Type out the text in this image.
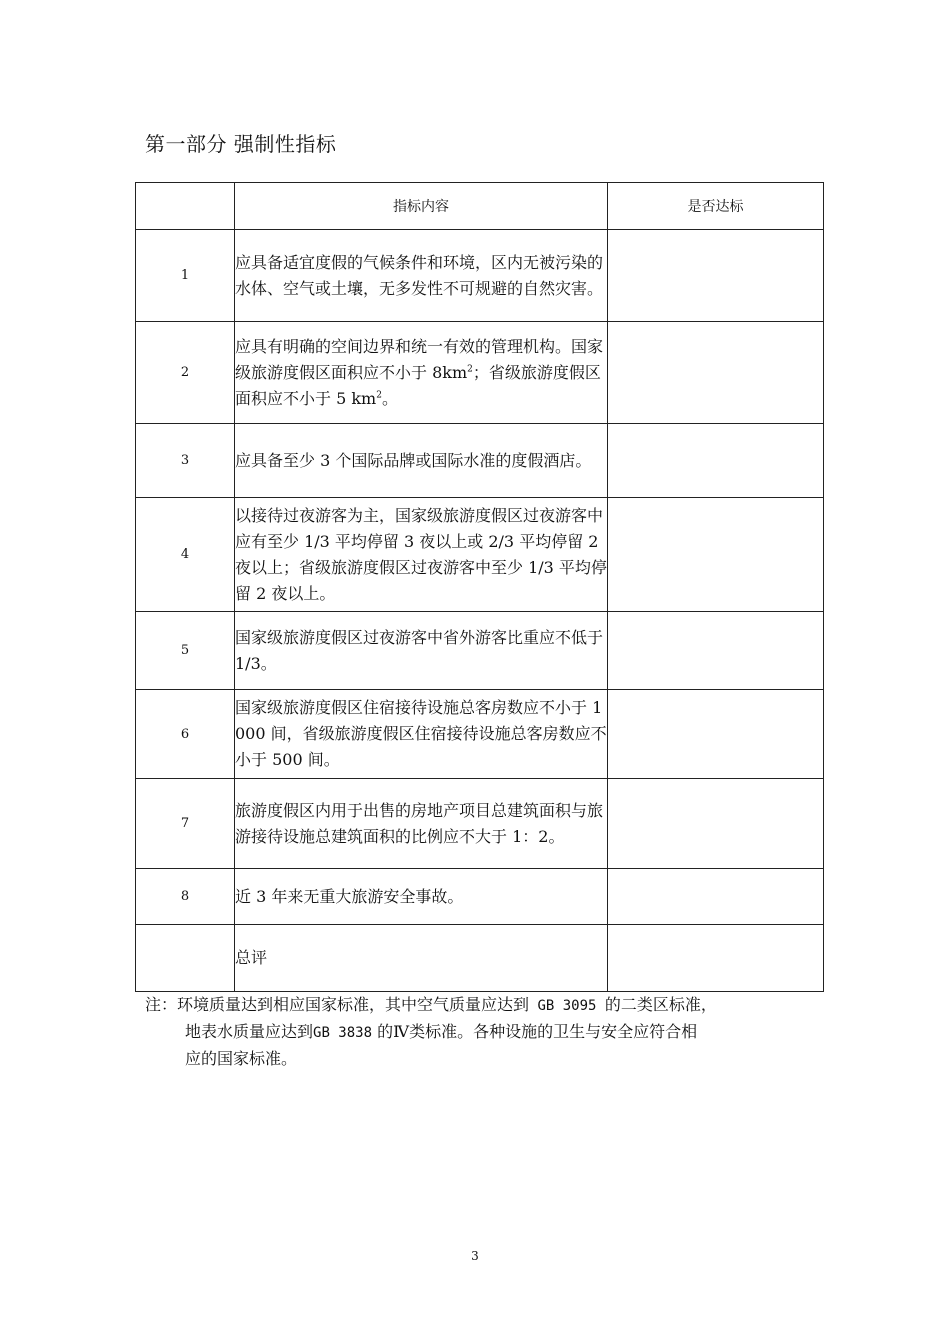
第一部分 强制性指标
	指标内容	是否达标
1	应具备适宜度假的气候条件和环境，区内无被污染的水体、空气或土壤，无多发性不可规避的自然灾害。	
2	应具有明确的空间边界和统一有效的管理机构。国家级旅游度假区面积应不小于 $8km^2$；省级旅游度假区面积应不小于 5 $km^2$。	
3	应具备至少 3 个国际品牌或国际水准的度假酒店。	
4	以接待过夜游客为主，国家级旅游度假区过夜游客中应有至少 1/3 平均停留 3 夜以上或 2/3 平均停留 2 夜以上；省级旅游度假区过夜游客中至少 1/3 平均停留 2 夜以上。	
5	国家级旅游度假区过夜游客中省外游客比重应不低于 1/3。	
6	国家级旅游度假区住宿接待设施总客房数应不小于 1000 间，省级旅游度假区住宿接待设施总客房数应不小于 500 间。	
7	旅游度假区内用于出售的房地产项目总建筑面积与旅游接待设施总建筑面积的比例应不大于 1：2。	
8	近 3 年来无重大旅游安全事故。	
	总评	
注：环境质量达到相应国家标准，其中空气质量应达到 GB 3095 的二类区标准，
地表水质量应达到GB 3838 的Ⅳ类标准。各种设施的卫生与安全应符合相
应的国家标准。
3
